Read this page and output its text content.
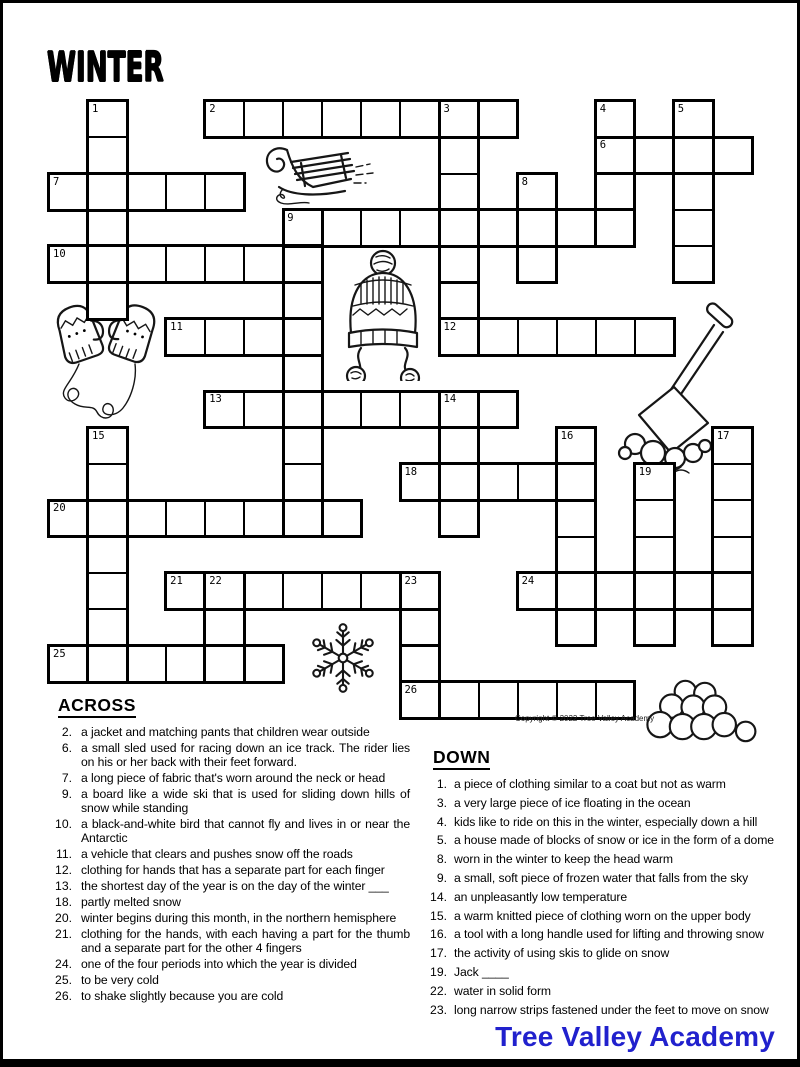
WINTER
2	3
6
7
9
10
11	12
13	14
18
20
21	22	23	24
25
26
1	4	5
8
15	16	17
19
Copyright © 2022 Tree Valley Academy
ACROSS
2. a jacket and matching pants that children wear outside
6. a small sled used for racing down an ice track. The rider lies on his or her back with their feet forward.
7. a long piece of fabric that's worn around the neck or head
9. a board like a wide ski that is used for sliding down hills of snow while standing
10. a black-and-white bird that cannot fly and lives in or near the Antarctic
11. a vehicle that clears and pushes snow off the roads
12. clothing for hands that has a separate part for each finger
13. the shortest day of the year is on the day of the winter ___
18. partly melted snow
20. winter begins during this month, in the northern hemisphere
21. clothing for the hands, with each having a part for the thumb and a separate part for the other 4 fingers
24. one of the four periods into which the year is divided
25. to be very cold
26. to shake slightly because you are cold
DOWN
1. a piece of clothing similar to a coat but not as warm
3. a very large piece of ice floating in the ocean
4. kids like to ride on this in the winter, especially down a hill
5. a house made of blocks of snow or ice in the form of a dome
8. worn in the winter to keep the head warm
9. a small, soft piece of frozen water that falls from the sky
14. an unpleasantly low temperature
15. a warm knitted piece of clothing worn on the upper body
16. a tool with a long handle used for lifting and throwing snow
17. the activity of using skis to glide on snow
19. Jack ____
22. water in solid form
23. long narrow strips fastened under the feet to move on snow
Tree Valley Academy
